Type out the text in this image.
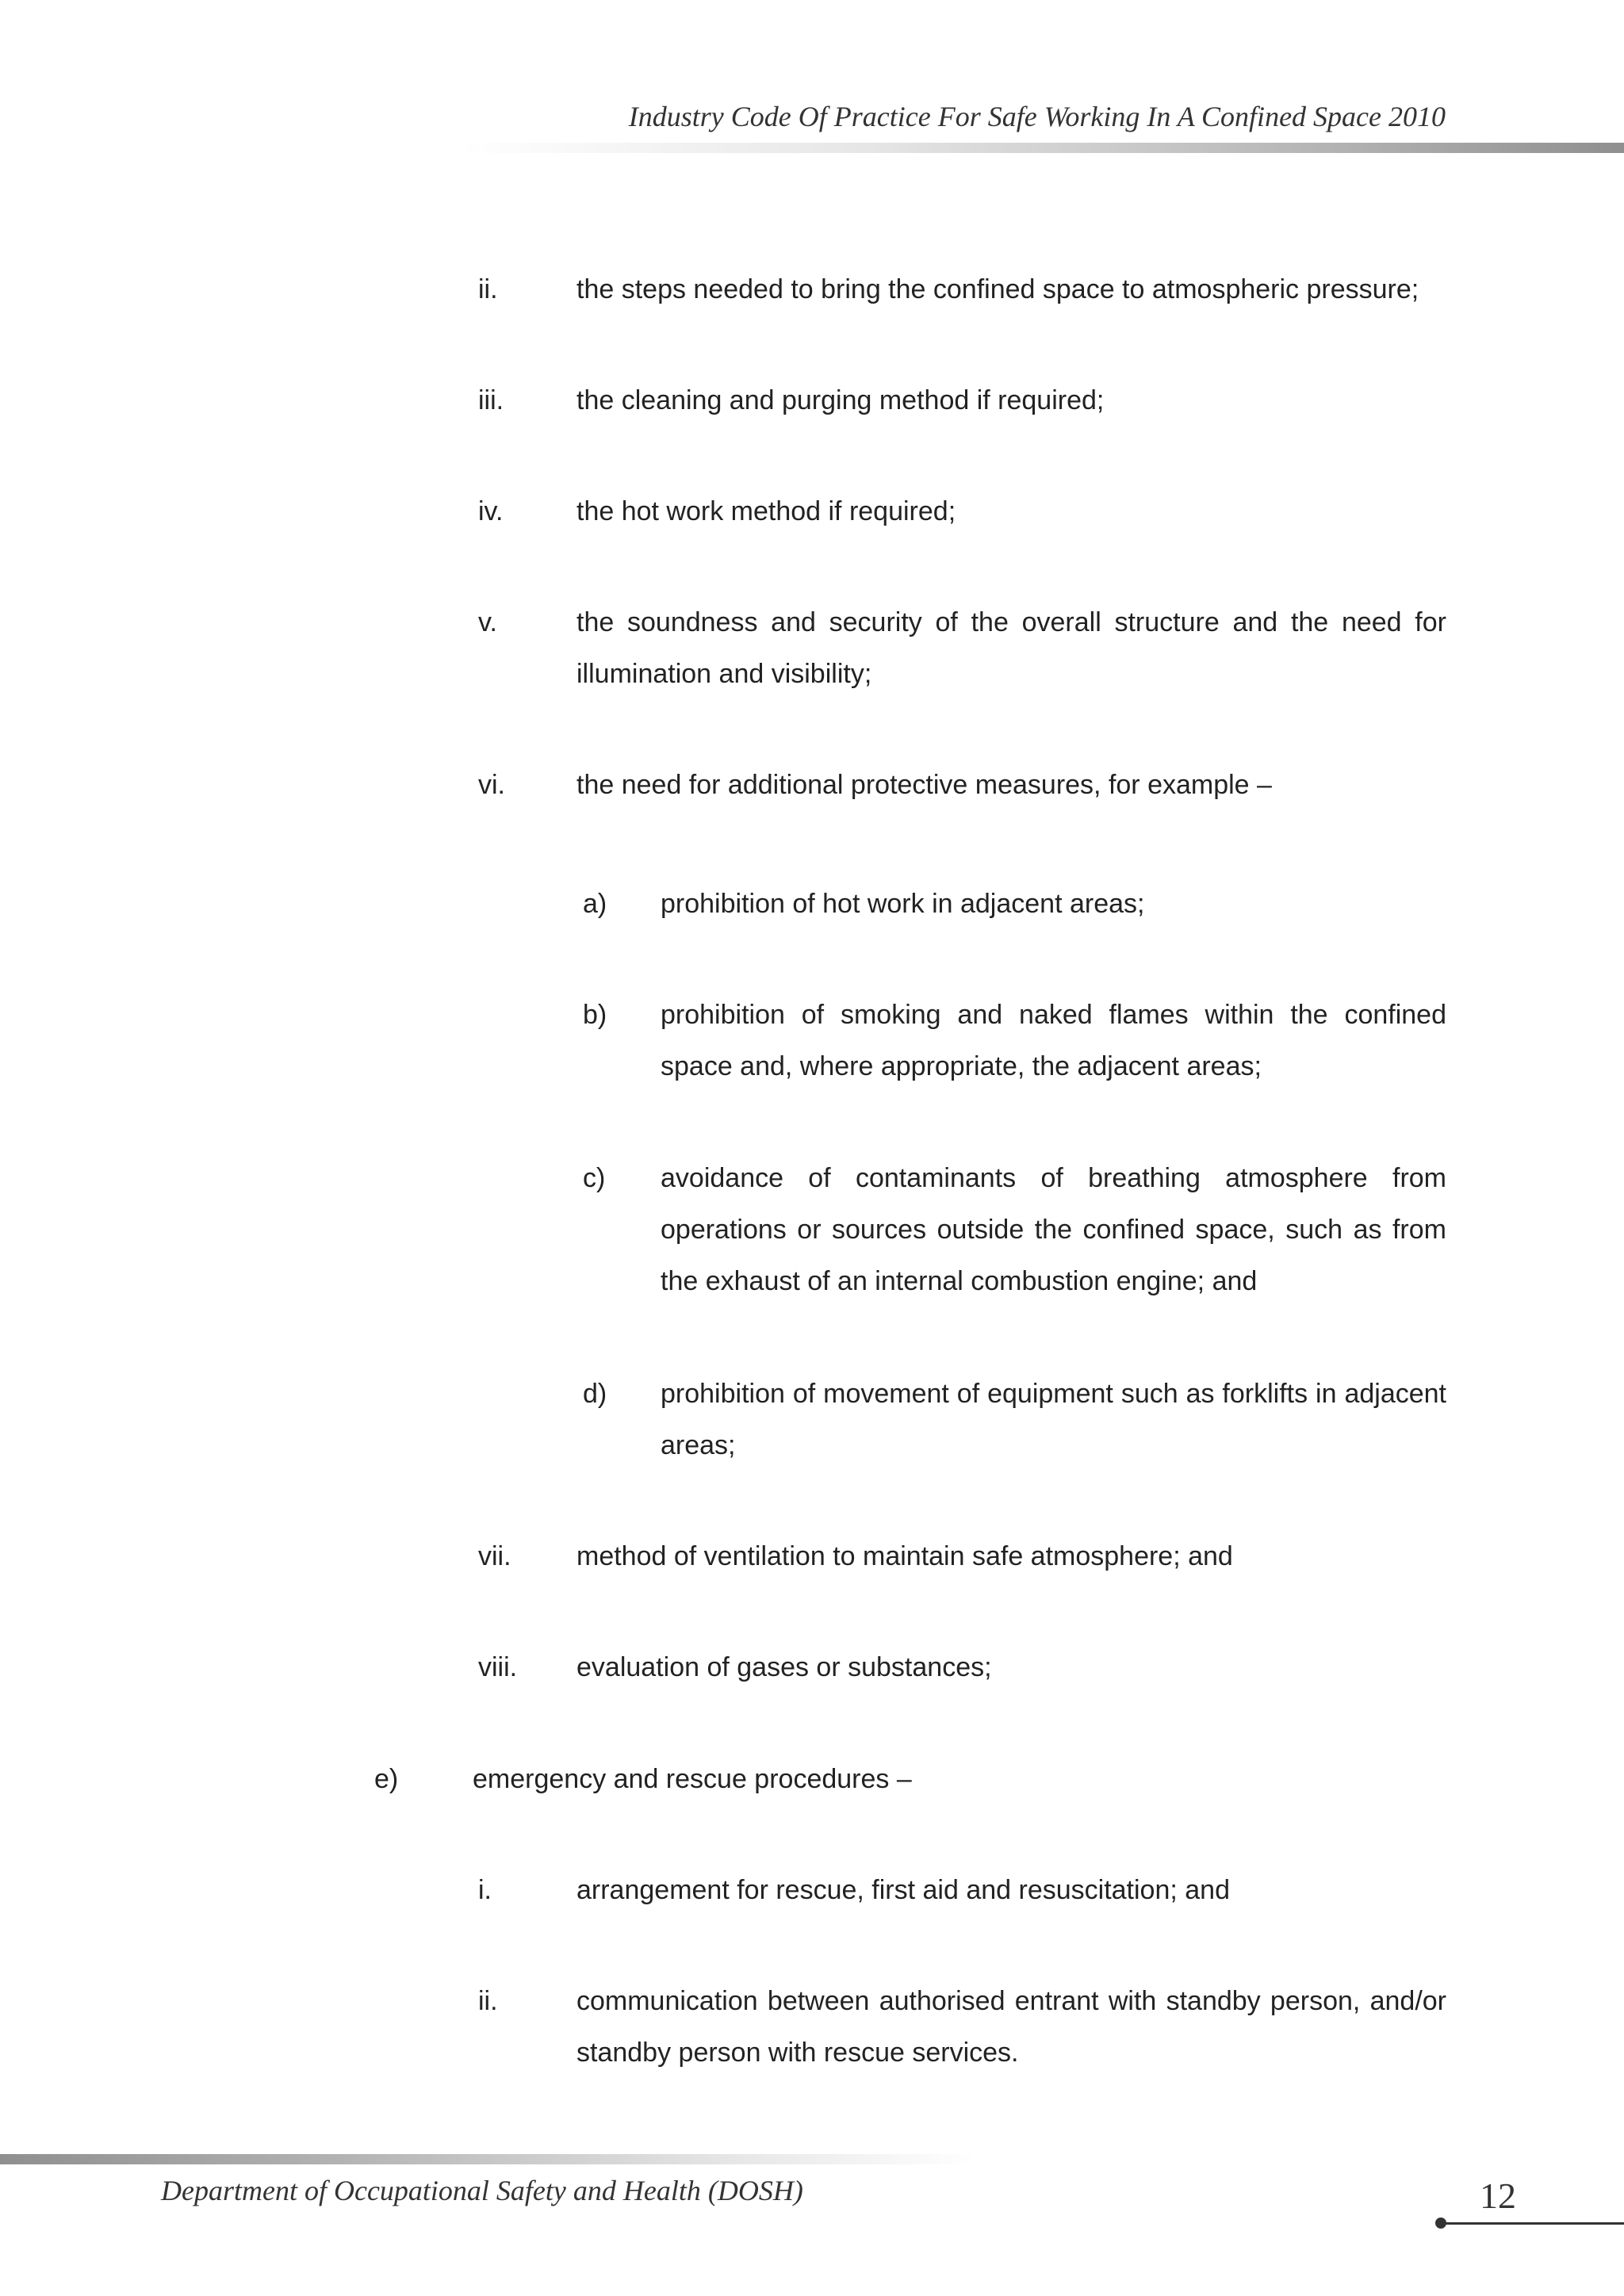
Industry Code Of Practice For Safe Working In A Confined Space 2010
ii.	the steps needed to bring the confined space to atmospheric pressure;
iii.	the cleaning and purging method if required;
iv.	the hot work method if required;
v.	the soundness and security of the overall structure and the need for illumination and visibility;
vi.	the need for additional protective measures, for example –
a) prohibition of hot work in adjacent areas;
b) prohibition of smoking and naked flames within the confined space and, where appropriate, the adjacent areas;
c) avoidance of contaminants of breathing atmosphere from operations or sources outside the confined space, such as from the exhaust of an internal combustion engine; and
d) prohibition of movement of equipment such as forklifts in adjacent areas;
vii. method of ventilation to maintain safe atmosphere; and
viii. evaluation of gases or substances;
e)	emergency and rescue procedures –
i.	arrangement for rescue, first aid and resuscitation; and
ii.	communication between authorised entrant with standby person, and/or standby person with rescue services.
Department of Occupational Safety and Health (DOSH)	12
